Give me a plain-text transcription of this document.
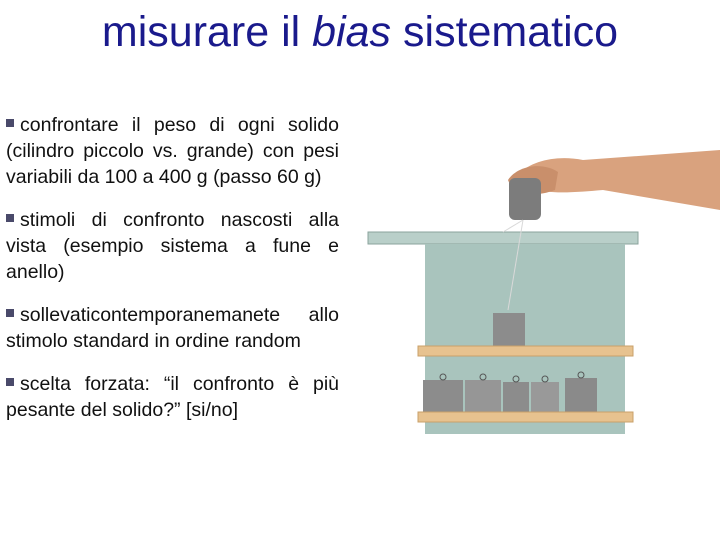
misurare il bias sistematico
confrontare il peso di ogni solido (cilindro piccolo vs. grande) con pesi variabili da 100 a 400 g (passo 60 g)
stimoli di confronto nascosti alla vista (esempio sistema a fune e anello)
sollevaticontemporanemanete allo stimolo standard in ordine random
scelta forzata: “il confronto è più pesante del solido?” [si/no]
